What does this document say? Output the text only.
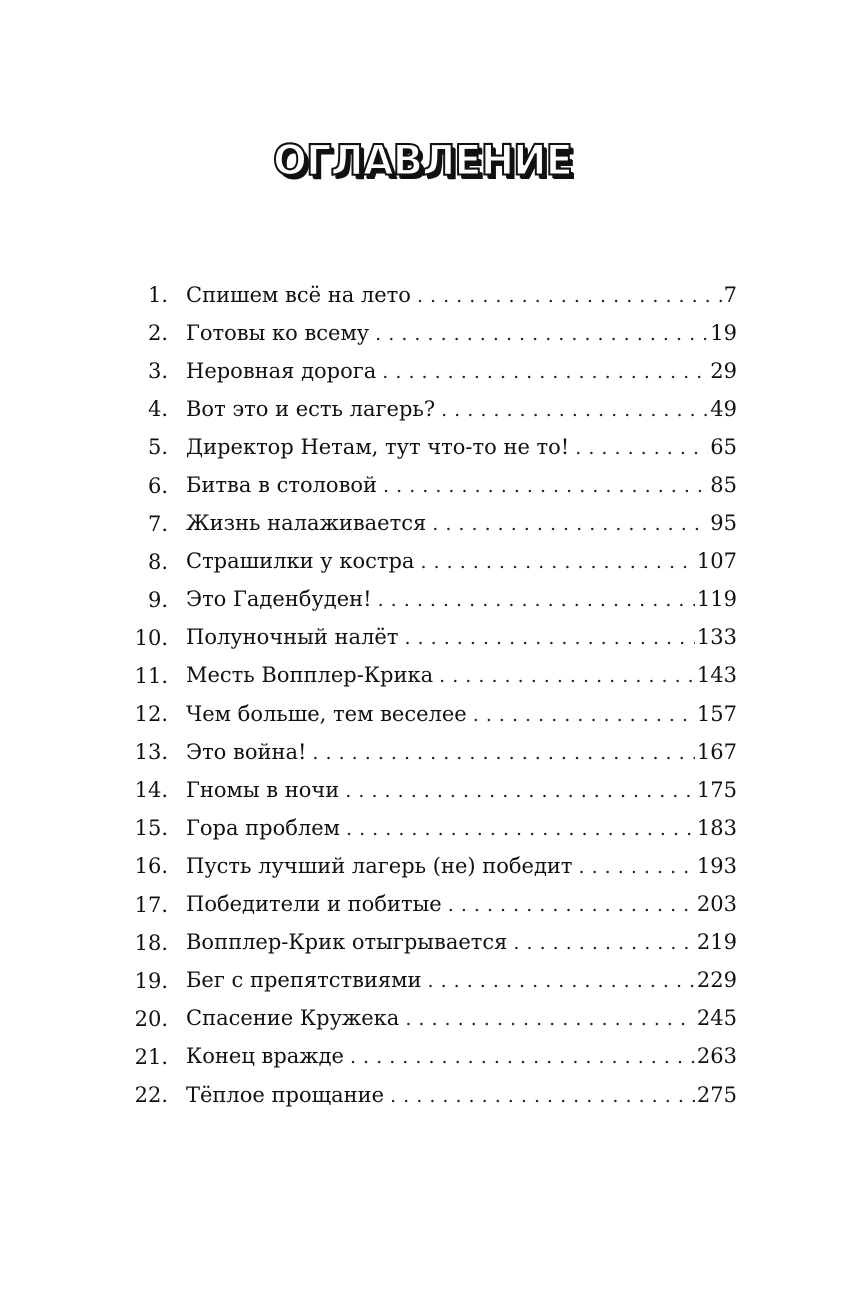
ОГЛАВЛЕНИЕ
1. Спишем всё на лето . . .	7
2. Готовы ко всему . . .	19
3. Неровная дорога . . .	29
4. Вот это и есть лагерь? . . .	49
5. Директор Нетам, тут что-то не то! . . .	65
6. Битва в столовой . . .	85
7. Жизнь налаживается . . .	95
8. Страшилки у костра . . .	107
9. Это Гаденбуден! . . .	119
10. Полуночный налёт . . .	133
11. Месть Вопплер-Крика . . .	143
12. Чем больше, тем веселее . . .	157
13. Это война! . . .	167
14. Гномы в ночи . . .	175
15. Гора проблем . . .	183
16. Пусть лучший лагерь (не) победит . . .	193
17. Победители и побитые . . .	203
18. Вопплер-Крик отыгрывается . . .	219
19. Бег с препятствиями . . .	229
20. Спасение Кружека . . .	245
21. Конец вражде . . .	263
22. Тёплое прощание . . .	275
